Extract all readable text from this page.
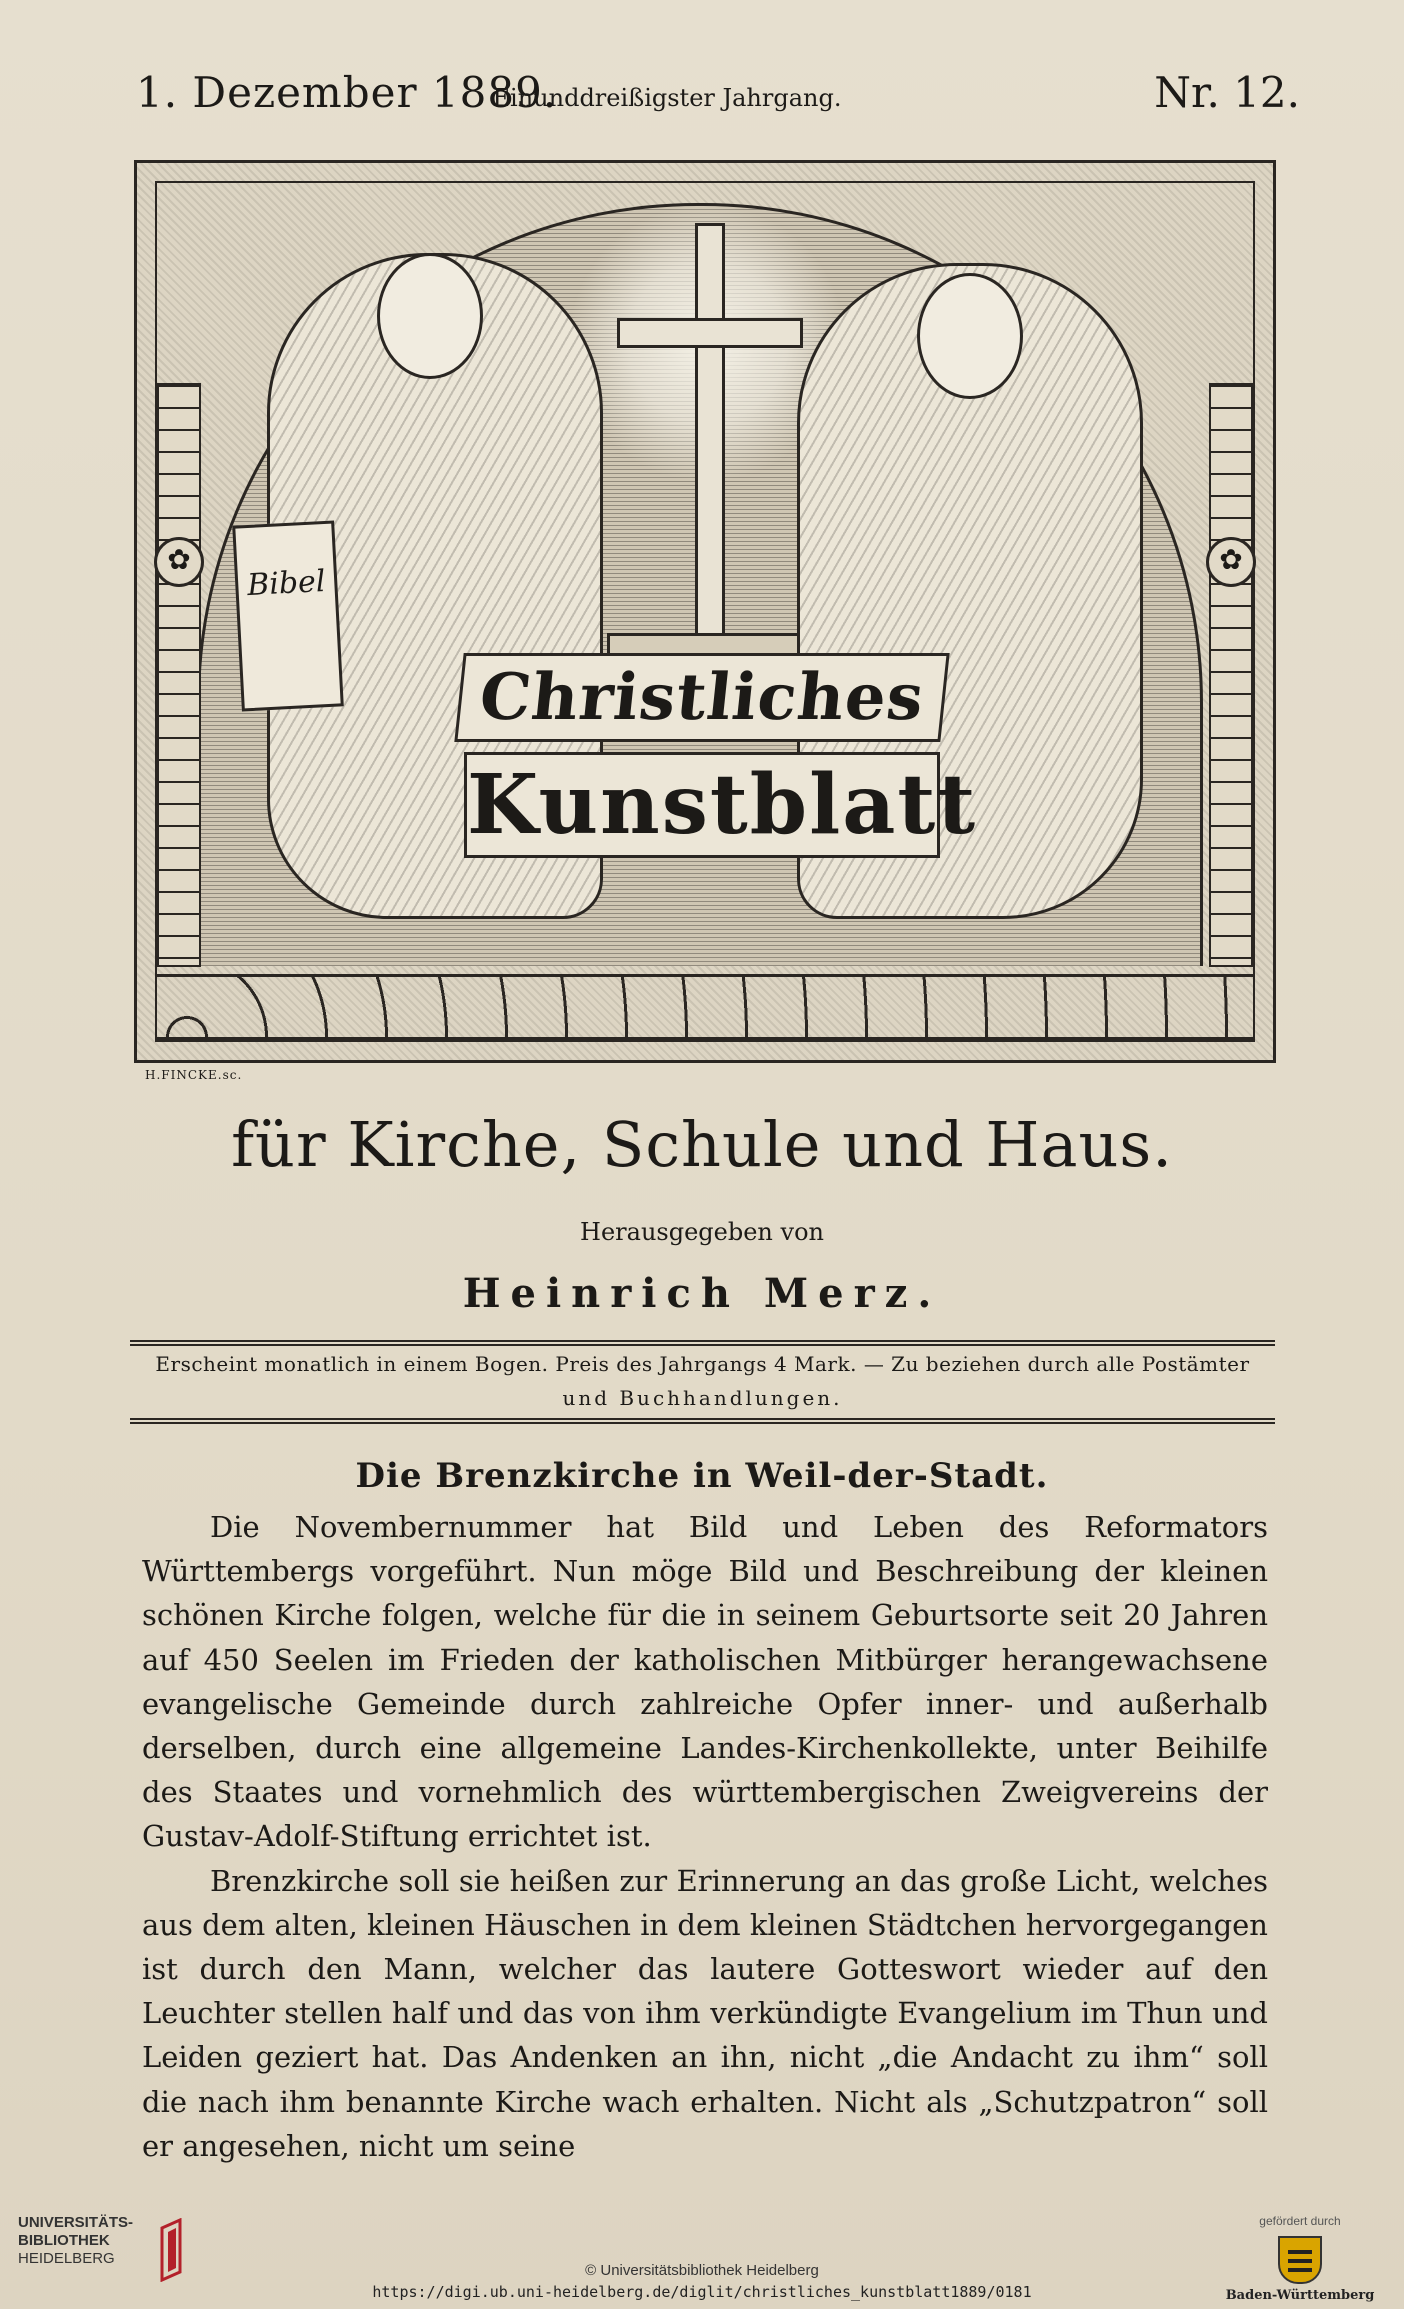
1. Dezember 1889.
Einunddreißigster Jahrgang.	Nr. 12.
✿
✿
Bibel
Christliches
Kunstblatt
H.FINCKE.sc.
für Kirche, Schule und Haus.
Herausgegeben von
Heinrich Merz.
Erscheint monatlich in einem Bogen. Preis des Jahrgangs 4 Mark. — Zu beziehen durch alle Postämter
und Buchhandlungen.
Die Brenzkirche in Weil-der-Stadt.

Die Novembernummer hat Bild und Leben des Reformators Württembergs vorgeführt. Nun möge Bild und Beschreibung der kleinen schönen Kirche folgen, welche für die in seinem Geburtsorte seit 20 Jahren auf 450 Seelen im Frieden der katholischen Mitbürger herangewachsene evangelische Gemeinde durch zahlreiche Opfer inner- und außerhalb derselben, durch eine allgemeine Landes-Kirchenkollekte, unter Beihilfe des Staates und vornehmlich des württembergischen Zweigvereins der Gustav-Adolf-Stiftung errichtet ist.

Brenzkirche soll sie heißen zur Erinnerung an das große Licht, welches aus dem alten, kleinen Häuschen in dem kleinen Städtchen hervorgegangen ist durch den Mann, welcher das lautere Gotteswort wieder auf den Leuchter stellen half und das von ihm verkündigte Evangelium im Thun und Leiden geziert hat. Das Andenken an ihn, nicht „die Andacht zu ihm“ soll die nach ihm benannte Kirche wach erhalten. Nicht als „Schutzpatron“ soll er angesehen, nicht um seine

UNIVERSITÄTS-
BIBLIOTHEK
HEIDELBERG
© Universitätsbibliothek Heidelberg
https://digi.ub.uni-heidelberg.de/diglit/christliches_kunstblatt1889/0181
gefördert durch
Baden-Württemberg
